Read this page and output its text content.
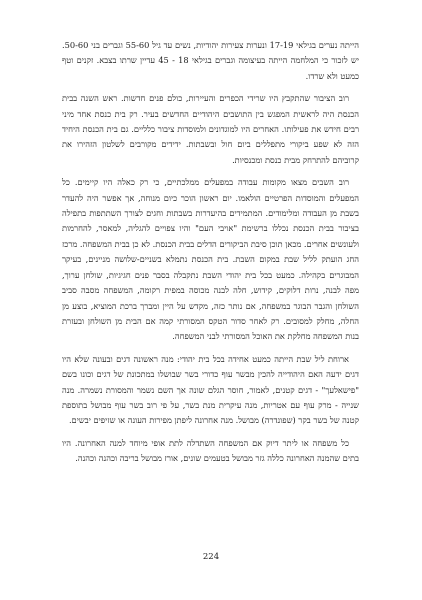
הייתה נערים בגילאי 17-19 ונערות צעירות יהודיות, נשים עד גיל 55-60 וגברים בני 50-60. יש לזכור כי המלחמה הייתה בעיצומה וגברים בגילאי 18 - 45 עדיין שרתו בצבא. זקנים וטף כמעט ולא שרדו.

רוב הציבור שהתקבץ היו שרידי הכפרים והעיירות, כולם פנים חדשות. ראש השנה בבית הכנסת היה לראשית המפגש בין התושבים היהודיים החדשים בעיר. רק בית כנסת אחד מיני רבים חידש את פעילותו. האחרים היו למוגדונים ולמוסדות ציבור כלליים. גם בית הכנסת היחיד הזה לא שפע ביקורי מתפללים ביום חול ובשבתות. ידידים מקורבים לשלטון הזהירו את קרוביהם להתרחק מבית כנסת ומכנסיות.

רוב השבים מצאו מקומות עבודה במפעלים ממלכתיים, כי רק כאלה היו קיימים. כל המפעלים והמוסדות הפרטיים הולאמו. יום ראשון הוכר כיום מנוחה, אך אפשר היה להעדר בשבת מן העבודה ומלימודים. המתמידים בהיעדרות בשבתות וחגים לצורך השתתפות בתפילה בציבור בבית הכנסת נכללו ברשימת "אויבי העם" והיו צפויים להגליה, למאסר, להחרמות ולעונשים אחרים. מכאן תוכן סיבת הביקורים הדלים בבית הכנסת. לא כן בבית המשפחה. מרכז החג הועתק לליל שבת במקום השבת. בית הכנסת נתמלא בשניים-שלושה מניינים, בעיקר המבוגרים בקהילה. כמעט בכל בית יהודי השבת נתקבלה בסבר פנים חגיגיות, שולחן ערוך, מפה לבנה, נרות דלוקים, קידוש, חלה לבנה מכוסה במפית רקומה, המשפחה מסבה סביב השולחן והגבר הבוגר במשפחה, אם נותר כזה, מקדש על היין ומברך ברכת המוציא, בוצע מן החלה, מחלק למסובים. רק לאחר סדור הטקס המסורתי קמה אם הבית מן השולחן ובעזרת בנות המשפחה מחלקת את האוכל המסורתי לבני המשפחה.

ארוחת ליל שבת הייתה כמעט אחידה בכל בית יהודי: מנה ראשונה דגים ובעונה שלא היו דגים ידעה האם היהודייה להכין מבשר עוף כדורי בשר שבושלו במתכונת של דגים וכונו בשם "פישאלעך" - דגים קטנים, לאמור, חוסר הגלם שונה אך השם נשמר והמסורת נשמרה. מנה שנייה - מרק עוף עם אטריות, מנה עיקרית מנת בשר, על פי רוב בשר עוף מבושל בתוספת קטנה של בשר בקר (שפונדרה) מבושל. מנה אחרונה ליפתן מפירות העונה או שזיפים יבשים.

כל משפחה או ליתר דיוק אם המשפחה השתדלה לתת אופי מיוחד למנה האחרונה. היו בתים שהמנה האחרונה כללה גזר מבושל בטעמים שונים, אורז מבושל בריבה וכהנה וכהנה.

224
